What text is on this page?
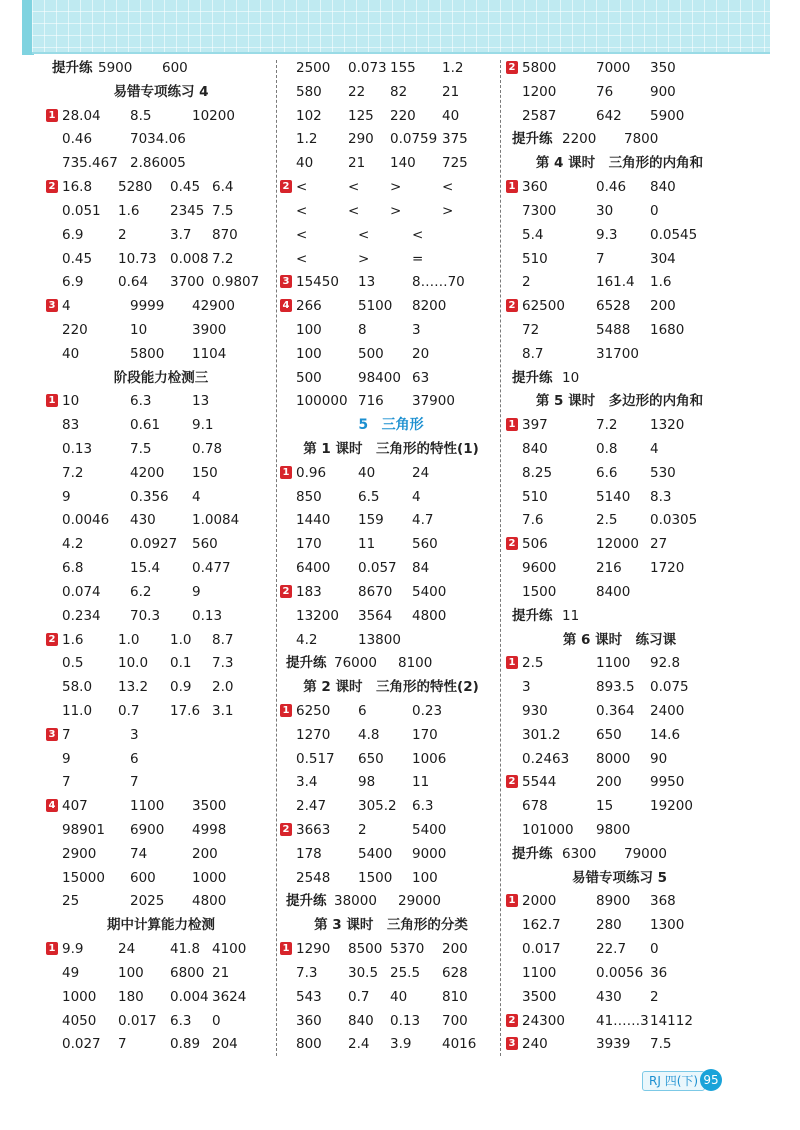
提升练 5900 600
易错专项练习 4
1 28.04 8.5	10200
0.46	7034.06
735.467 2.86005
2 16.8 5280 0.45 6.4
0.051 1.6 2345 7.5
6.9	2	3.7 870
0.45 10.73 0.008 7.2
6.9	0.64 3700 0.9807
3 4	9999 42900
220	10	3900
40	5800 1104
阶段能力检测三
1 10	6.3	13
83	0.61 9.1
0.13	7.5	0.78
7.2	4200 150
9	0.356 4
0.0046 430	1.0084
4.2	0.0927 560
6.8	15.4 0.477
0.074 6.2	9
0.234 70.3 0.13
2 1.6	1.0 1.0 8.7
0.5	10.0 0.1 7.3
58.0 13.2 0.9 2.0
11.0 0.7 17.6 3.1
3 7	3
9	6
7	7
4 407	1100 3500
98901 6900 4998
2900 74	200
15000 600	1000
25	2025 4800
期中计算能力检测
1 9.9	24	41.8 4100
49	100 6800 21
1000 180 0.004 3624
4050 0.017 6.3 0
0.027 7	0.89 204
2500 0.073 155 1.2
580 22 82	21
102 125 220 40
1.2 290 0.0759 375
40	21 140 725
2 <	< >	<
<	< >	>
<	<	<
<	>	=
3 15450 13	8……70
4 266	5100 8200
100	8	3
100	500 20
500	98400 63
100000 716 37900
5  三角形
第 1 课时　三角形的特性(1)
1 0.96 40	24
850	6.5 4
1440 159 4.7
170	11	560
6400 0.057 84
2 183	8670 5400
13200 3564 4800
4.2	13800
提升练 76000 8100
第 2 课时　三角形的特性(2)
1 6250 6	0.23
1270 4.8 170
0.517 650 1006
3.4	98	11
2.47 305.2 6.3
2 3663 2	5400
178	5400 9000
2548 1500 100
提升练 38000 29000
第 3 课时　三角形的分类
1 1290 8500 5370 200
7.3 30.5 25.5 628
543 0.7 40	810
360 840 0.13 700
800 2.4 3.9 4016
2 5800	7000 350
1200	76	900
2587	642 5900
提升练 2200 7800
第 4 课时　三角形的内角和
1 360	0.46 840
7300	30	0
5.4	9.3 0.0545
510	7	304
2	161.4 1.6
2 62500 6528 200
72	5488 1680
8.7	31700
提升练 10
第 5 课时　多边形的内角和
1 397	7.2 1320
840	0.8 4
8.25	6.6 530
510	5140 8.3
7.6	2.5 0.0305
2 506	12000 27
9600	216 1720
1500	8400
提升练 11
第 6 课时　练习课
1 2.5	1100 92.8
3	893.5 0.075
930	0.364 2400
301.2	650 14.6
0.2463 8000 90
2 5544	200 9950
678	15	19200
101000 9800
提升练 6300 79000
易错专项练习 5
1 2000	8900 368
162.7	280 1300
0.017	22.7 0
1100	0.0056 36
3500	430 2
2 24300 41……3 14112
3 240	3939 7.5
RJ 四(下) 95
